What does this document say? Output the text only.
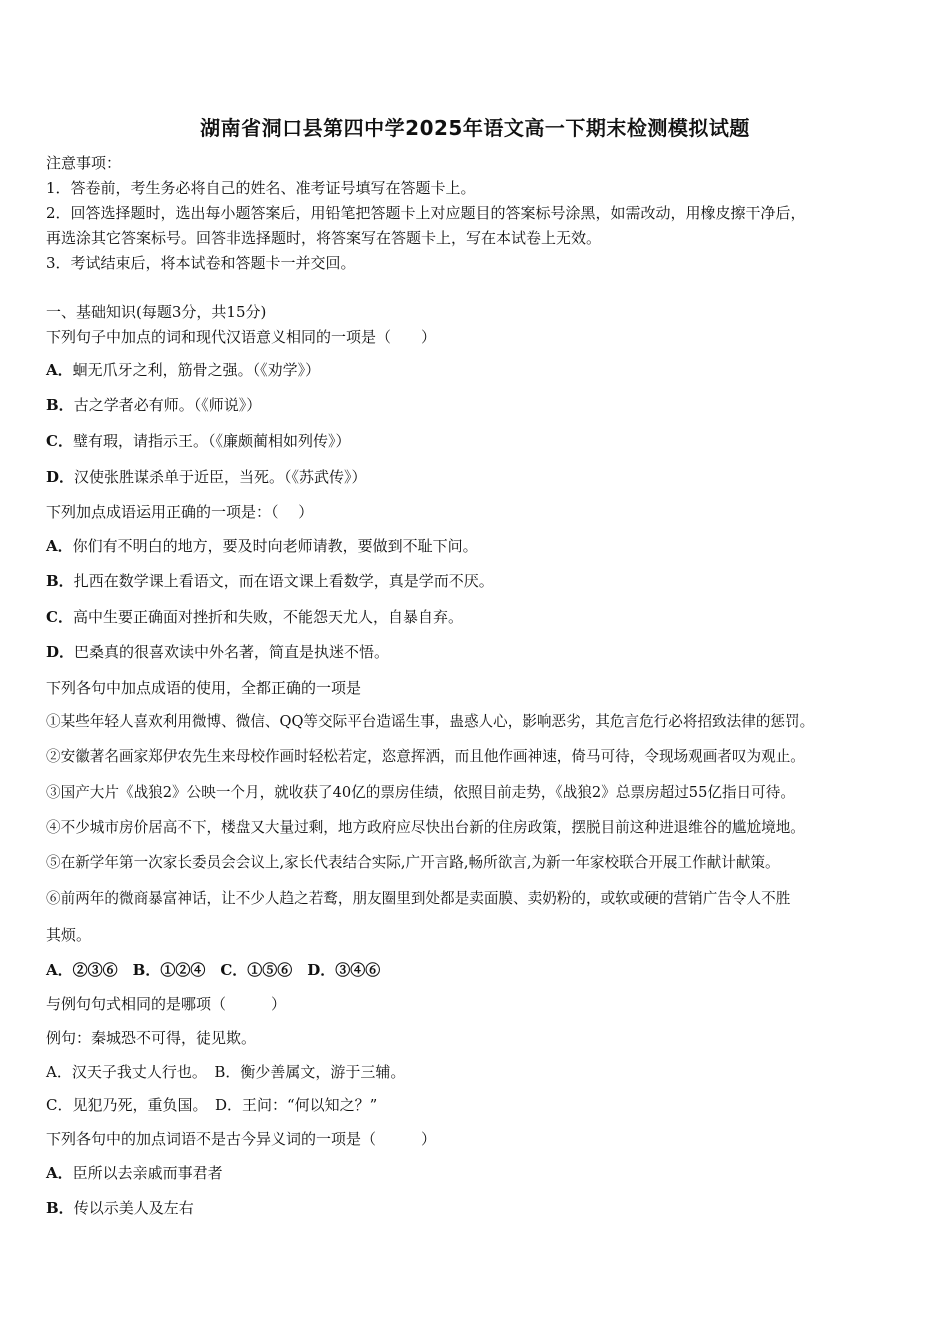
湖南省洞口县第四中学2025年语文高一下期末检测模拟试题
注意事项：
1．答卷前，考生务必将自己的姓名、准考证号填写在答题卡上。
2．回答选择题时，选出每小题答案后，用铅笔把答题卡上对应题目的答案标号涂黑，如需改动，用橡皮擦干净后，
再选涂其它答案标号。回答非选择题时，将答案写在答题卡上，写在本试卷上无效。
3．考试结束后，将本试卷和答题卡一并交回。
一、基础知识(每题3分，共15分)
下列句子中加点的词和现代汉语意义相同的一项是（　　）
A．蛔无爪牙之利，筋骨之强。（《劝学》）
B．古之学者必有师。（《师说》）
C．璧有瑕，请指示王。（《廉颇蔺相如列传》）
D．汉使张胜谋杀单于近臣，当死。（《苏武传》）
下列加点成语运用正确的一项是：（　 ）
A．你们有不明白的地方，要及时向老师请教，要做到不耻下问。
B．扎西在数学课上看语文，而在语文课上看数学，真是学而不厌。
C．高中生要正确面对挫折和失败，不能怨天尤人，自暴自弃。
D．巴桑真的很喜欢读中外名著，简直是执迷不悟。
下列各句中加点成语的使用，全都正确的一项是
①某些年轻人喜欢利用微博、微信、QQ等交际平台造谣生事，蛊惑人心，影响恶劣，其危言危行必将招致法律的惩罚。
②安徽著名画家郑伊农先生来母校作画时轻松若定，恣意挥洒，而且他作画神速，倚马可待，令现场观画者叹为观止。
③国产大片《战狼2》公映一个月，就收获了40亿的票房佳绩，依照目前走势，《战狼2》总票房超过55亿指日可待。
④不少城市房价居高不下，楼盘又大量过剩，地方政府应尽快出台新的住房政策，摆脱目前这种进退维谷的尴尬境地。
⑤在新学年第一次家长委员会会议上,家长代表结合实际,广开言路,畅所欲言,为新一年家校联合开展工作献计献策。
⑥前两年的微商暴富神话，让不少人趋之若鹜，朋友圈里到处都是卖面膜、卖奶粉的，或软或硬的营销广告令人不胜
其烦。
A．②③⑥　B．①②④　C．①⑤⑥　D．③④⑥
与例句句式相同的是哪项（　　　）
例句：秦城恐不可得，徒见欺。
A．汉天子我丈人行也。　B．衡少善属文，游于三辅。
C．见犯乃死，重负国。　D．王问：“何以知之？”
下列各句中的加点词语不是古今异义词的一项是（　　　）
A．臣所以去亲戚而事君者
B．传以示美人及左右
